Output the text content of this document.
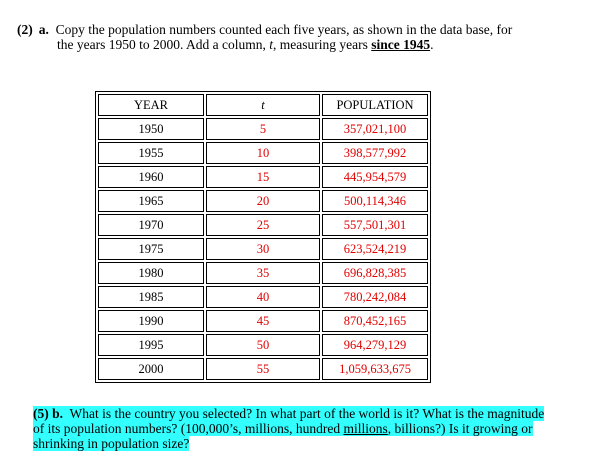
(2) a. Copy the population numbers counted each five years, as shown in the data base, for
the years 1950 to 2000. Add a column, t, measuring years since 1945.
YEAR	t	POPULATION
1950	5	357,021,100
1955	10	398,577,992
1960	15	445,954,579
1965	20	500,114,346
1970	25	557,501,301
1975	30	623,524,219
1980	35	696,828,385
1985	40	780,242,084
1990	45	870,452,165
1995	50	964,279,129
2000	55	1,059,633,675
(5) b. What is the country you selected? In what part of the world is it? What is the magnitude of its population numbers? (100,000’s, millions, hundred millions, billions?) Is it growing or shrinking in population size?
